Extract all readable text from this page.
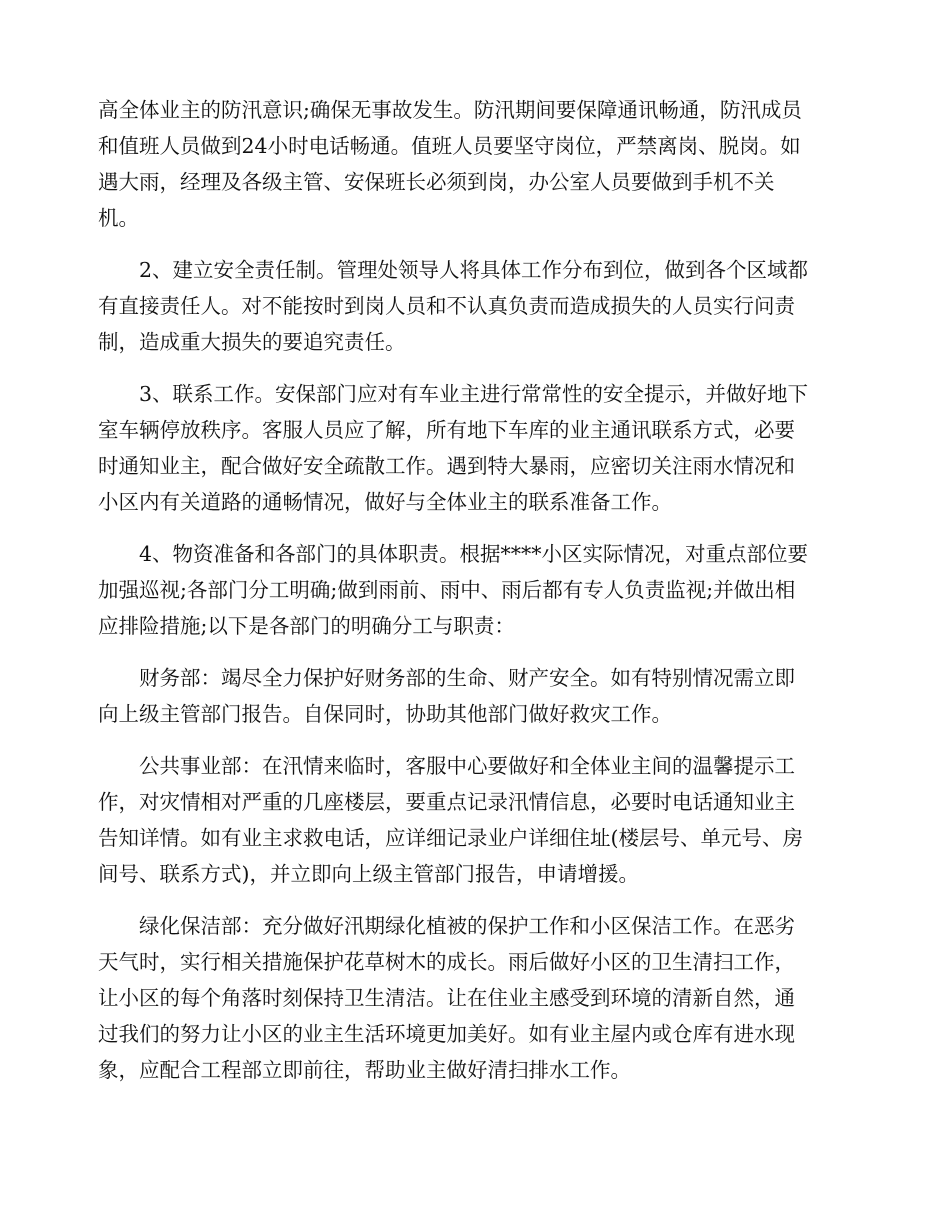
高全体业主的防汛意识;确保无事故发生。防汛期间要保障通讯畅通，防汛成员
和值班人员做到24小时电话畅通。值班人员要坚守岗位，严禁离岗、脱岗。如
遇大雨，经理及各级主管、安保班长必须到岗，办公室人员要做到手机不关
机。

2、建立安全责任制。管理处领导人将具体工作分布到位，做到各个区域都
有直接责任人。对不能按时到岗人员和不认真负责而造成损失的人员实行问责
制，造成重大损失的要追究责任。

3、联系工作。安保部门应对有车业主进行常常性的安全提示，并做好地下
室车辆停放秩序。客服人员应了解，所有地下车库的业主通讯联系方式，必要
时通知业主，配合做好安全疏散工作。遇到特大暴雨，应密切关注雨水情况和
小区内有关道路的通畅情况，做好与全体业主的联系准备工作。

4、物资准备和各部门的具体职责。根据****小区实际情况，对重点部位要
加强巡视;各部门分工明确;做到雨前、雨中、雨后都有专人负责监视;并做出相
应排险措施;以下是各部门的明确分工与职责：

财务部：竭尽全力保护好财务部的生命、财产安全。如有特别情况需立即
向上级主管部门报告。自保同时，协助其他部门做好救灾工作。

公共事业部：在汛情来临时，客服中心要做好和全体业主间的温馨提示工
作，对灾情相对严重的几座楼层，要重点记录汛情信息，必要时电话通知业主
告知详情。如有业主求救电话，应详细记录业户详细住址(楼层号、单元号、房
间号、联系方式)，并立即向上级主管部门报告，申请增援。

绿化保洁部：充分做好汛期绿化植被的保护工作和小区保洁工作。在恶劣
天气时，实行相关措施保护花草树木的成长。雨后做好小区的卫生清扫工作，
让小区的每个角落时刻保持卫生清洁。让在住业主感受到环境的清新自然，通
过我们的努力让小区的业主生活环境更加美好。如有业主屋内或仓库有进水现
象，应配合工程部立即前往，帮助业主做好清扫排水工作。
